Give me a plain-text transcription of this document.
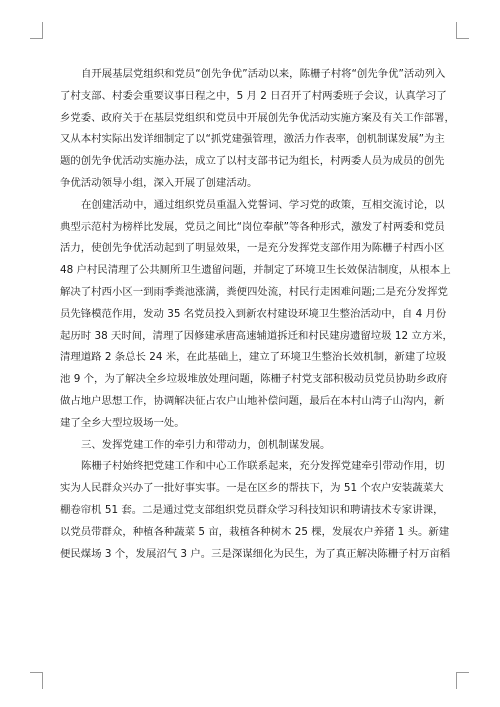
自开展基层党组织和党员“创先争优”活动以来，陈栅子村将“创先争优”活动列入
了村支部、村委会重要议事日程之中，5 月 2 日召开了村两委班子会议，认真学习了
乡党委、政府关于在基层党组织和党员中开展创先争优活动实施方案及有关工作部署，
又从本村实际出发详细制定了以“抓党建强管理，激活力作表率，创机制谋发展”为主
题的创先争优活动实施办法，成立了以村支部书记为组长，村两委人员为成员的创先
争优活动领导小组，深入开展了创建活动。

在创建活动中，通过组织党员重温入党誓词、学习党的政策，互相交流讨论，以
典型示范村为榜样比发展，党员之间比“岗位奉献”等各种形式，激发了村两委和党员
活力，使创先争优活动起到了明显效果，一是充分发挥党支部作用为陈栅子村西小区
48 户村民清理了公共厕所卫生遗留问题，并制定了环境卫生长效保洁制度，从根本上
解决了村西小区一到雨季粪池涨满，粪便四处流，村民行走困难问题;二是充分发挥党
员先锋模范作用，发动 35 名党员投入到新农村建设环境卫生整治活动中，自 4 月份
起历时 38 天时间，清理了因修建承唐高速辅道拆迁和村民建房遗留垃圾 12 立方米，
清理道路 2 条总长 24 米，在此基础上，建立了环境卫生整治长效机制，新建了垃圾
池 9 个，为了解决全乡垃圾堆放处理问题，陈栅子村党支部积极动员党员协助乡政府
做占地户思想工作，协调解决征占农户山地补偿问题，最后在本村山湾子山沟内，新
建了全乡大型垃圾场一处。

三、发挥党建工作的牵引力和带动力，创机制谋发展。

陈栅子村始终把党建工作和中心工作联系起来，充分发挥党建牵引带动作用，切
实为人民群众兴办了一批好事实事。一是在区乡的帮扶下，为 51 个农户安装蔬菜大
棚卷帘机 51 套。二是通过党支部组织党员群众学习科技知识和聘请技术专家讲课，
以党员带群众，种植各种蔬菜 5 亩，栽植各种树木 25 棵，发展农户养猪 1 头。新建
便民煤场 3 个，发展沼气 3 户。三是深谋细化为民生，为了真正解决陈栅子村万亩稻
